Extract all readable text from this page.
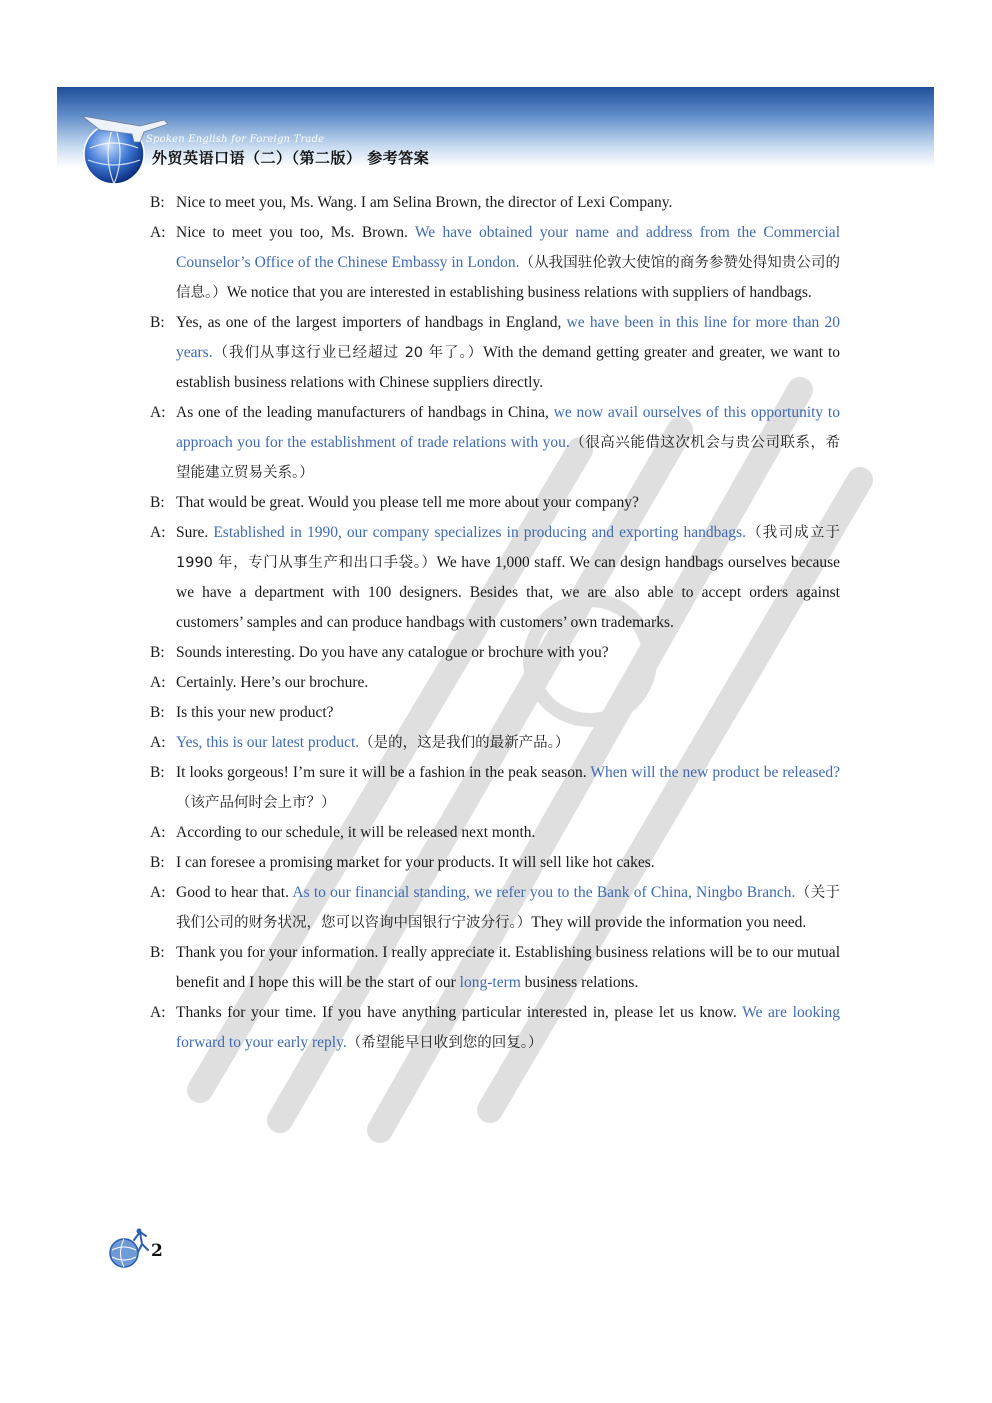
Spoken English for Foreign Trade
外贸英语口语（二）（第二版） 参考答案
B: Nice to meet you, Ms. Wang. I am Selina Brown, the director of Lexi Company.
A: Nice to meet you too, Ms. Brown. We have obtained your name and address from the Commercial Counselor’s Office of the Chinese Embassy in London.（从我国驻伦敦大使馆的商务参赞处得知贵公司的信息。）We notice that you are interested in establishing business relations with suppliers of handbags.
B: Yes, as one of the largest importers of handbags in England, we have been in this line for more than 20 years.（我们从事这行业已经超过 20 年了。）With the demand getting greater and greater, we want to establish business relations with Chinese suppliers directly.
A: As one of the leading manufacturers of handbags in China, we now avail ourselves of this opportunity to approach you for the establishment of trade relations with you.（很高兴能借这次机会与贵公司联系，希望能建立贸易关系。）
B: That would be great. Would you please tell me more about your company?
A: Sure. Established in 1990, our company specializes in producing and exporting handbags.（我司成立于 1990 年，专门从事生产和出口手袋。）We have 1,000 staff. We can design handbags ourselves because we have a department with 100 designers. Besides that, we are also able to accept orders against customers’ samples and can produce handbags with customers’ own trademarks.
B: Sounds interesting. Do you have any catalogue or brochure with you?
A: Certainly. Here’s our brochure.
B: Is this your new product?
A: Yes, this is our latest product.（是的，这是我们的最新产品。）
B: It looks gorgeous! I’m sure it will be a fashion in the peak season. When will the new product be released?（该产品何时会上市？）
A: According to our schedule, it will be released next month.
B: I can foresee a promising market for your products. It will sell like hot cakes.
A: Good to hear that. As to our financial standing, we refer you to the Bank of China, Ningbo Branch.（关于我们公司的财务状况，您可以咨询中国银行宁波分行。）They will provide the information you need.
B: Thank you for your information. I really appreciate it. Establishing business relations will be to our mutual benefit and I hope this will be the start of our long-term business relations.
A: Thanks for your time. If you have anything particular interested in, please let us know. We are looking forward to your early reply.（希望能早日收到您的回复。）
2
